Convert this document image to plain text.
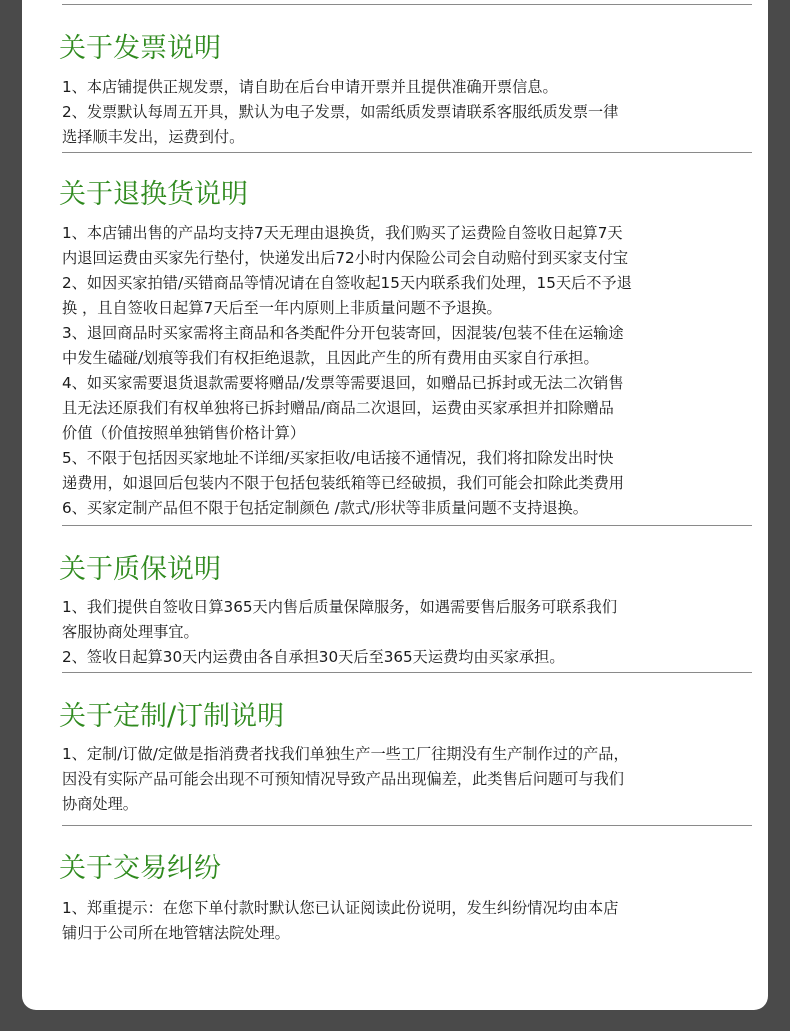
关于发票说明

1、本店铺提供正规发票，请自助在后台申请开票并且提供准确开票信息。

2、发票默认每周五开具，默认为电子发票，如需纸质发票请联系客服纸质发票一律

选择顺丰发出，运费到付。

关于退换货说明

1、本店铺出售的产品均支持7天无理由退换货，我们购买了运费险自签收日起算7天

内退回运费由买家先行垫付，快递发出后72小时内保险公司会自动赔付到买家支付宝

2、如因买家拍错/买错商品等情况请在自签收起15天内联系我们处理，15天后不予退

换 ，且自签收日起算7天后至一年内原则上非质量问题不予退换。

3、退回商品时买家需将主商品和各类配件分开包装寄回，因混装/包装不佳在运输途

中发生磕碰/划痕等我们有权拒绝退款，且因此产生的所有费用由买家自行承担。

4、如买家需要退货退款需要将赠品/发票等需要退回，如赠品已拆封或无法二次销售

且无法还原我们有权单独将已拆封赠品/商品二次退回，运费由买家承担并扣除赠品

价值（价值按照单独销售价格计算）

5、不限于包括因买家地址不详细/买家拒收/电话接不通情况，我们将扣除发出时快

递费用，如退回后包装内不限于包括包装纸箱等已经破损，我们可能会扣除此类费用

6、买家定制产品但不限于包括定制颜色 /款式/形状等非质量问题不支持退换。

关于质保说明

1、我们提供自签收日算365天内售后质量保障服务，如遇需要售后服务可联系我们

客服协商处理事宜。

2、签收日起算30天内运费由各自承担30天后至365天运费均由买家承担。

关于定制/订制说明

1、定制/订做/定做是指消费者找我们单独生产一些工厂往期没有生产制作过的产品，

因没有实际产品可能会出现不可预知情况导致产品出现偏差，此类售后问题可与我们

协商处理。

关于交易纠纷

1、郑重提示：在您下单付款时默认您已认证阅读此份说明，发生纠纷情况均由本店

铺归于公司所在地管辖法院处理。
